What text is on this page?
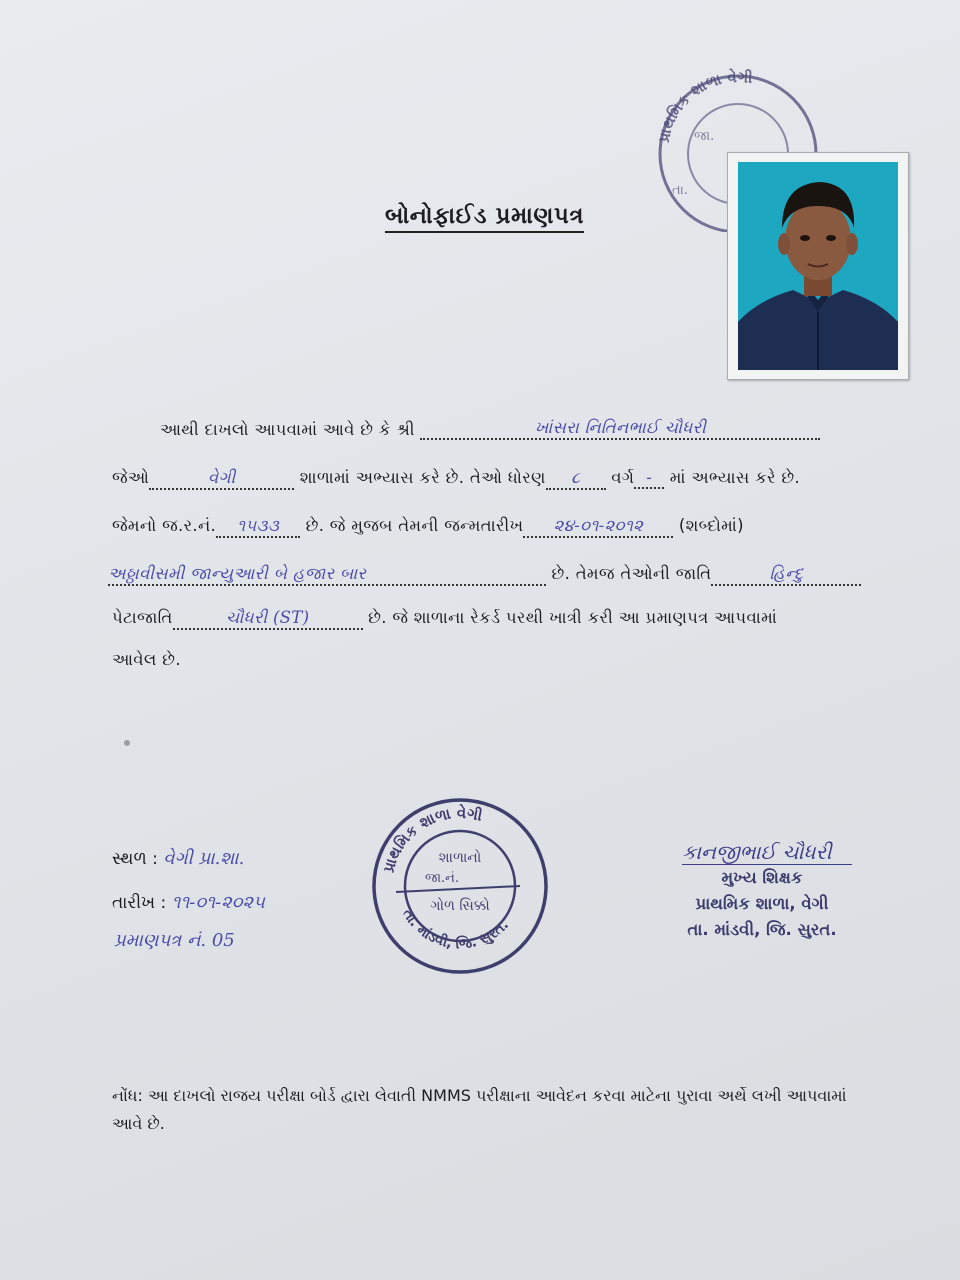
પ્રાથમિક શાળા વેગી
જા.
તા.
બોનોફાઈડ પ્રમાણપત્ર
આથી દાખલો આપવામાં આવે છે કે શ્રી	ખાંસરા નિતિનભાઈ ચૌધરી
જેઓ	વેગી	શાળામાં અભ્યાસ કરે છે. તેઓ ધોરણ ૮ વર્ગ - માં અભ્યાસ કરે છે.
જેમનો જ.ર.નં. ૧૫૩૩ છે. જે મુજબ તેમની જન્મતારીખ ૨૪-૦૧-૨૦૧૨ (શબ્દોમાં)
અઠ્ઠાવીસમી જાન્યુઆરી બે હજાર બાર	છે. તેમજ તેઓની જાતિ	હિન્દુ
પેટાજાતિ	ચૌધરી (ST)	છે. જે શાળાના રેકર્ડ પરથી ખાત્રી કરી આ પ્રમાણપત્ર આપવામાં
આવેલ છે.
સ્થળ : વેગી પ્રા.શા.
તારીખ : ૧૧-૦૧-૨૦૨૫
પ્રમાણપત્ર નં. 05
પ્રાથમિક શાળા વેગી
તા. માંડવી, જિ. સુરત.
શાળાનો
જા.નં.
ગોળ સિક્કો
કાનજીભાઈ ચૌધરી
મુખ્ય શિક્ષક
પ્રાથમિક શાળા, વેગી
તા. માંડવી, જિ. સુરત.
નોંધ: આ દાખલો રાજય પરીક્ષા બોર્ડ દ્વારા લેવાતી NMMS પરીક્ષાના આવેદન કરવા માટેના પુરાવા અર્થે લખી આપવામાં આવે છે.
